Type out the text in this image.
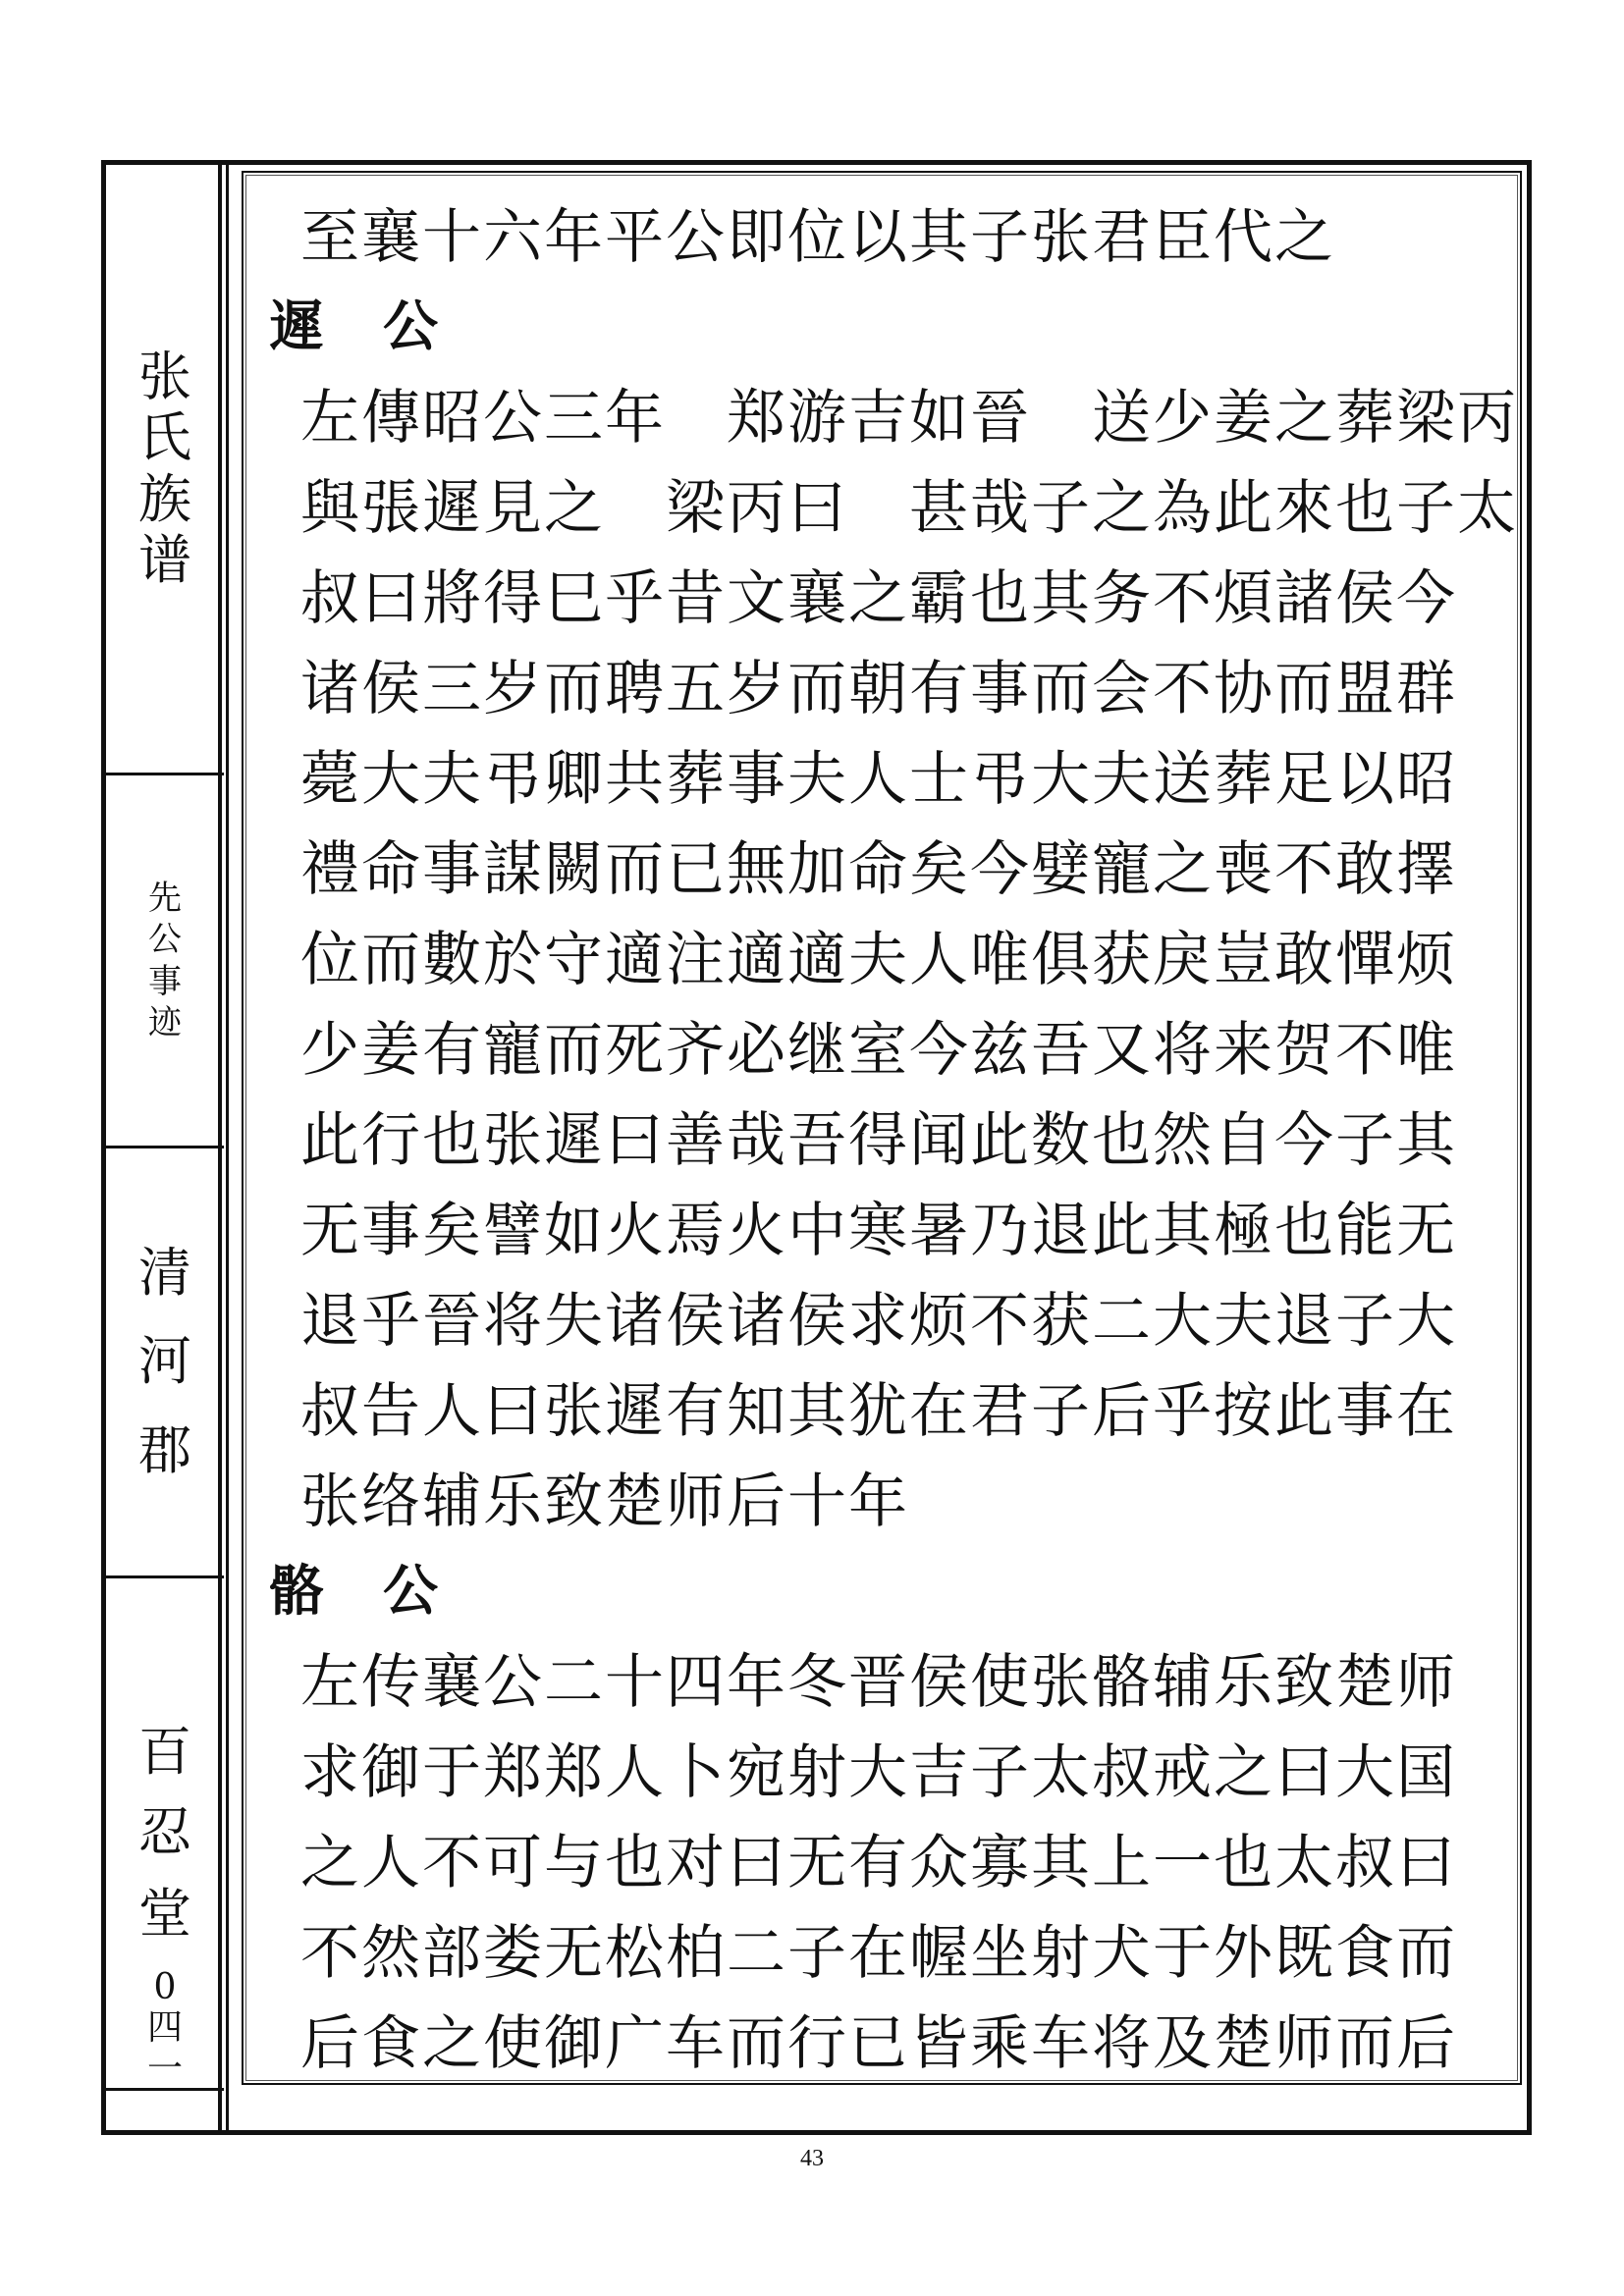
张
氏
族
谱
先
公
事
迹
清
河
郡
百
忍
堂
0
四
一
至襄十六年平公即位以其子张君臣代之
遲 公
左傳昭公三年　郑游吉如晉　送少姜之葬梁丙
與張遲見之　梁丙曰　甚哉子之為此來也子太
叔曰將得巳乎昔文襄之霸也其务不煩諸侯今
诸侯三岁而聘五岁而朝有事而会不协而盟群
薨大夫弔卿共葬事夫人士弔大夫送葬足以昭
禮命事謀闕而已無加命矣今嬖寵之喪不敢擇
位而數於守適注適適夫人唯俱获戾豈敢憚烦
少姜有寵而死齐必继室今兹吾又将来贺不唯
此行也张遲曰善哉吾得闻此数也然自今子其
无事矣譬如火焉火中寒暑乃退此其極也能无
退乎晉将失诸侯诸侯求烦不获二大夫退子大
叔告人曰张遲有知其犹在君子后乎按此事在
张络辅乐致楚师后十年
骼 公
左传襄公二十四年冬晋侯使张骼辅乐致楚师
求御于郑郑人卜宛射大吉子太叔戒之曰大国
之人不可与也对曰无有众寡其上一也太叔曰
不然部娄无松柏二子在幄坐射犬于外既食而
后食之使御广车而行已皆乘车将及楚师而后
43
